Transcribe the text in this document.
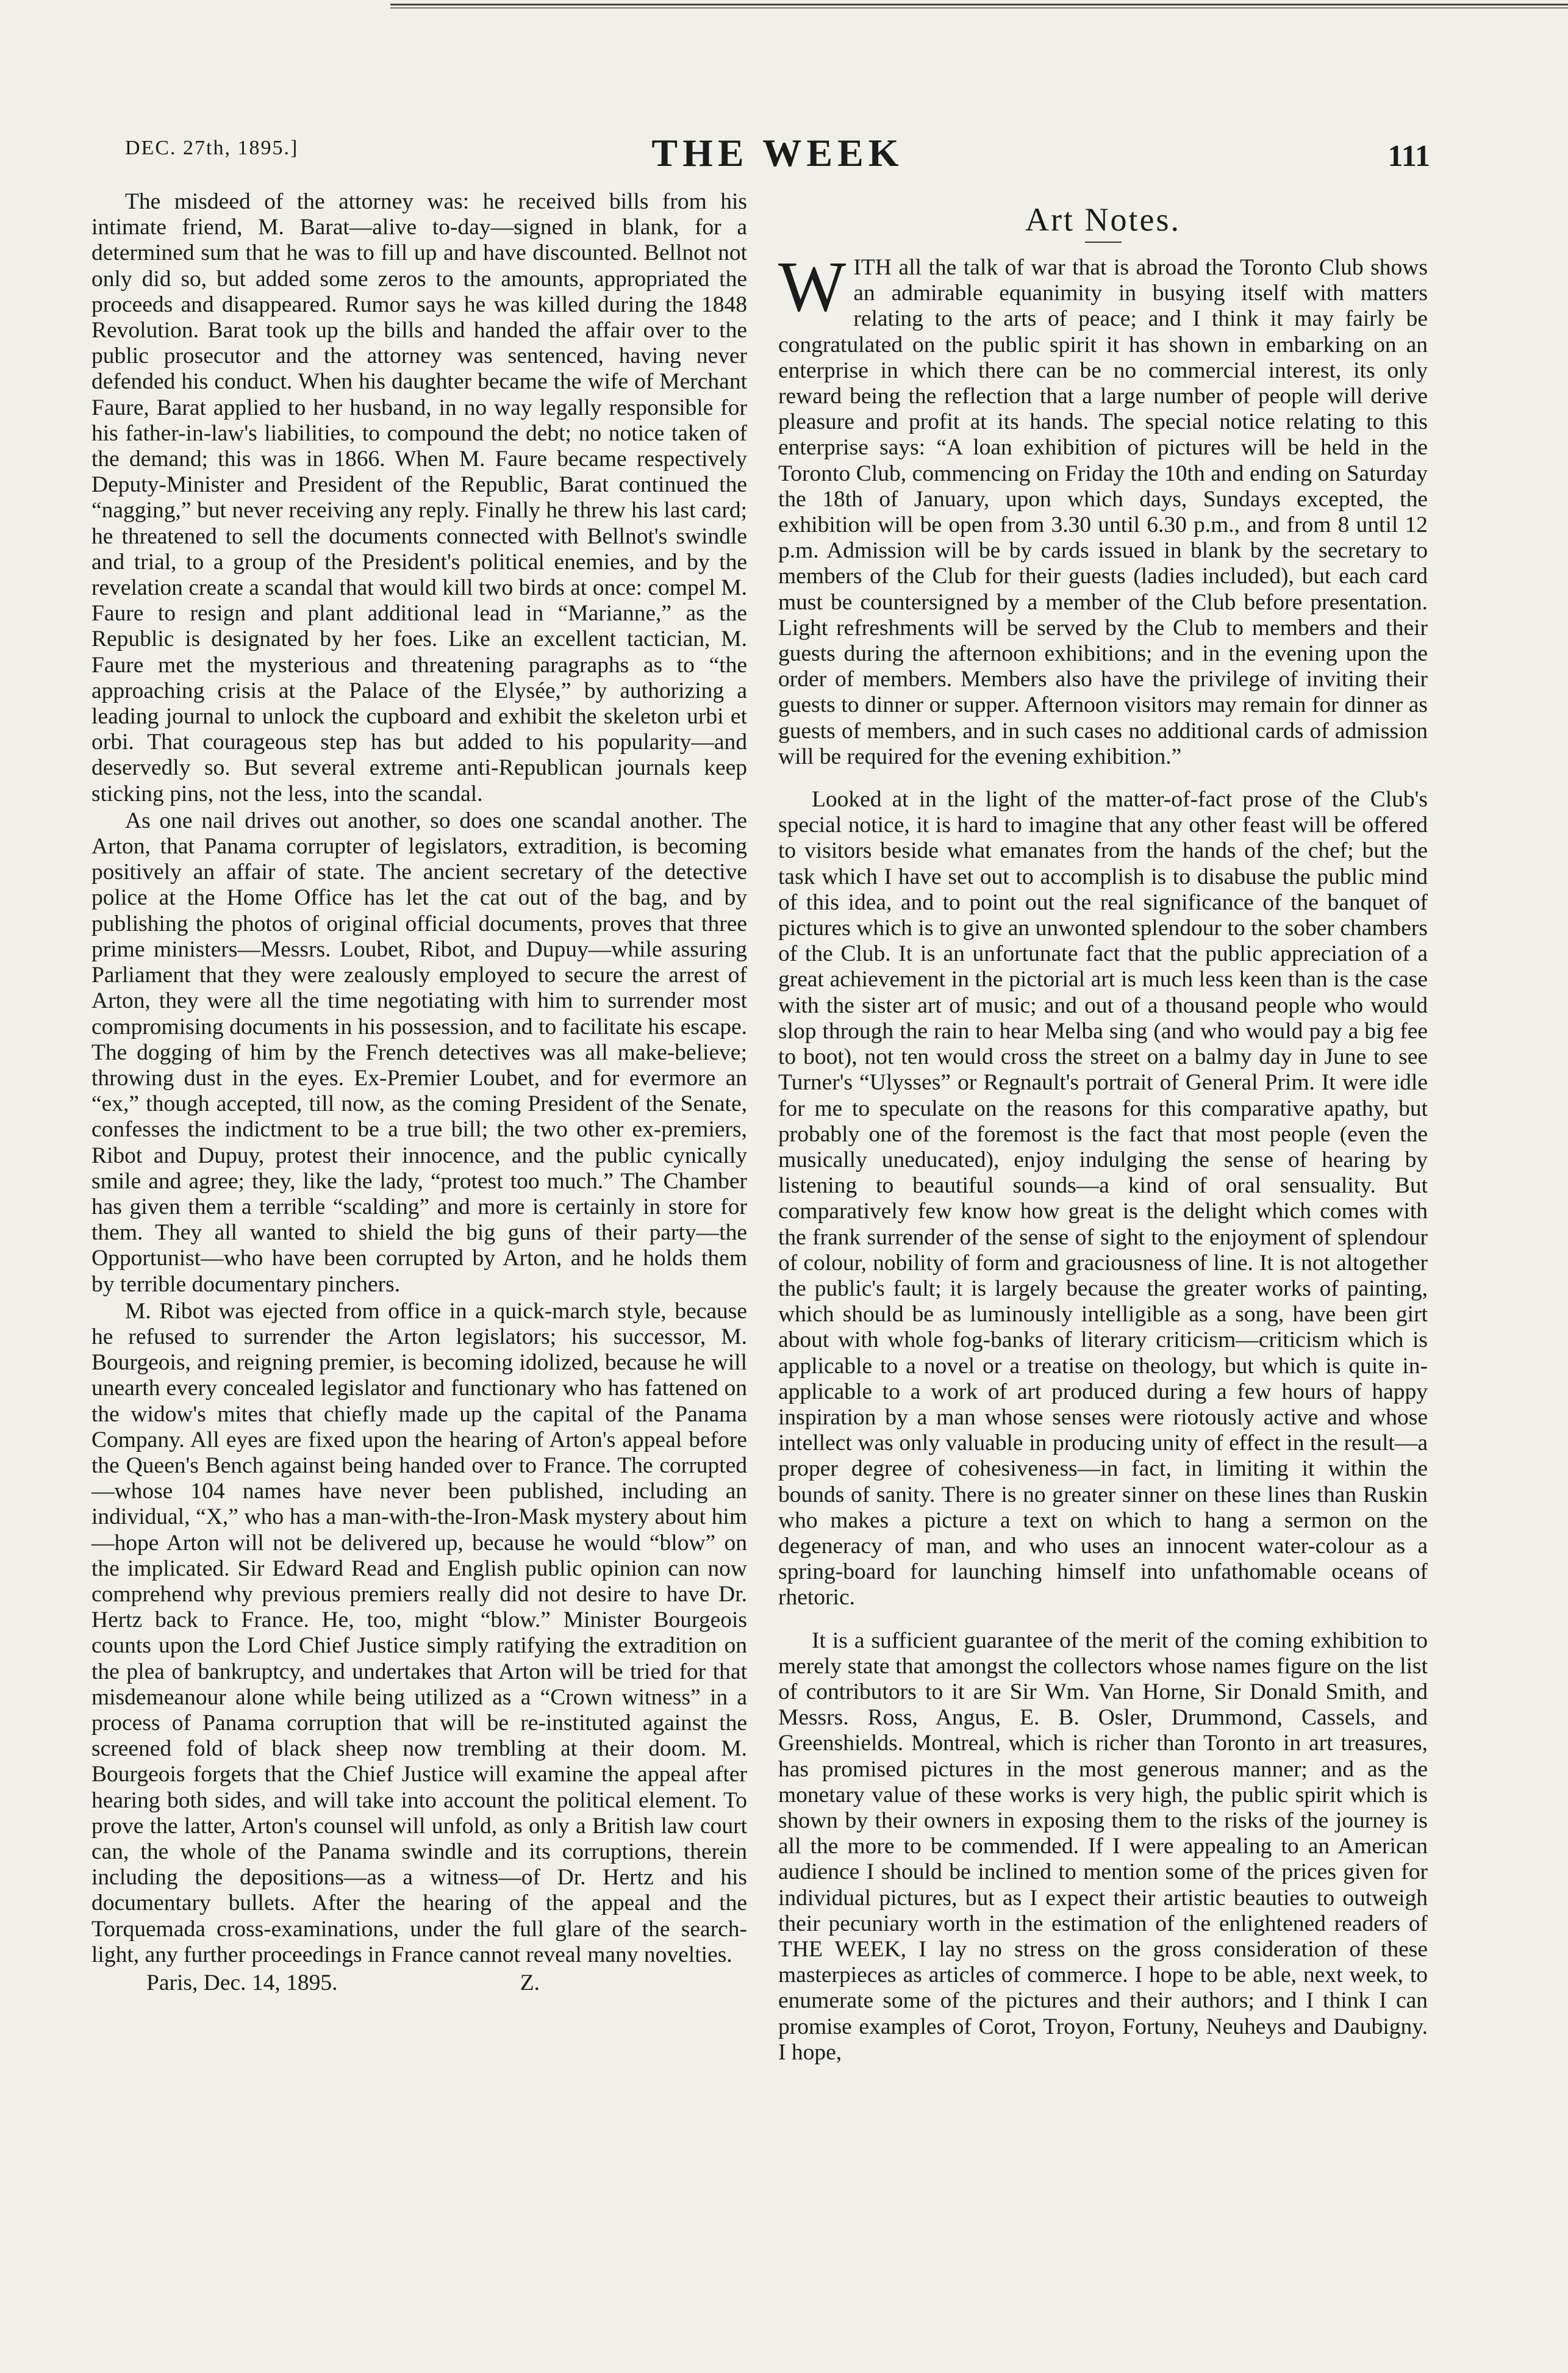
DEC. 27th, 1895.]	THE WEEK	111

The misdeed of the attorney was: he received bills from his intimate friend, M. Barat—alive to-day—signed in blank, for a determined sum that he was to fill up and have discounted. Bellnot not only did so, but added some zeros to the amounts, appropriated the proceeds and disappeared. Rumor says he was killed during the 1848 Revolution. Barat took up the bills and handed the affair over to the public prosecutor and the attorney was sentenced, having never defended his conduct. When his daughter became the wife of Merchant Faure, Barat applied to her husband, in no way legally responsible for his father-in-law's liabilities, to compound the debt; no notice taken of the demand; this was in 1866. When M. Faure became respectively Deputy-Minister and President of the Republic, Barat continued the “nagging,” but never receiving any reply. Finally he threw his last card; he threatened to sell the documents connected with Bellnot's swindle and trial, to a group of the President's political enemies, and by the revelation create a scandal that would kill two birds at once: compel M. Faure to resign and plant additional lead in “Marianne,” as the Republic is designated by her foes. Like an excellent tactician, M. Faure met the mysterious and threatening paragraphs as to “the approaching crisis at the Palace of the Elysée,” by authorizing a leading journal to unlock the cupboard and exhibit the skeleton urbi et orbi. That courageous step has but added to his popularity—and deservedly so. But several extreme anti-Republican journals keep sticking pins, not the less, into the scandal.

As one nail drives out another, so does one scandal another. The Arton, that Panama corrupter of legislators, extradition, is becoming positively an affair of state. The ancient secretary of the detective police at the Home Office has let the cat out of the bag, and by publishing the photos of original official documents, proves that three prime ministers—Messrs. Loubet, Ribot, and Dupuy—while assuring Parliament that they were zealously employed to secure the arrest of Arton, they were all the time negotiating with him to surrender most compromising documents in his possession, and to facilitate his escape. The dogging of him by the French detectives was all make-believe; throwing dust in the eyes. Ex-Premier Loubet, and for evermore an “ex,” though accepted, till now, as the coming President of the Senate, confesses the indictment to be a true bill; the two other ex-premiers, Ribot and Dupuy, protest their innocence, and the public cynically smile and agree; they, like the lady, “protest too much.” The Chamber has given them a terrible “scalding” and more is certainly in store for them. They all wanted to shield the big guns of their party—the Opportunist—who have been corrupted by Arton, and he holds them by terrible documentary pinchers.

M. Ribot was ejected from office in a quick-march style, because he refused to surrender the Arton legislators; his successor, M. Bourgeois, and reigning premier, is becoming idolized, because he will unearth every concealed legislator and functionary who has fattened on the widow's mites that chiefly made up the capital of the Panama Company. All eyes are fixed upon the hearing of Arton's appeal before the Queen's Bench against being handed over to France. The corrupted—whose 104 names have never been published, including an individual, “X,” who has a man-with-the-Iron-Mask mystery about him—hope Arton will not be delivered up, because he would “blow” on the implicated. Sir Edward Read and English public opinion can now comprehend why previous premiers really did not desire to have Dr. Hertz back to France. He, too, might “blow.” Minister Bourgeois counts upon the Lord Chief Justice simply ratifying the extradition on the plea of bankruptcy, and undertakes that Arton will be tried for that misdemeanour alone while being utilized as a “Crown witness” in a process of Panama corruption that will be re-instituted against the screened fold of black sheep now trembling at their doom. M. Bourgeois forgets that the Chief Justice will examine the appeal after hearing both sides, and will take into account the political element. To prove the latter, Arton's counsel will unfold, as only a British law court can, the whole of the Panama swindle and its corruptions, therein including the depositions—as a witness—of Dr. Hertz and his documentary bullets. After the hearing of the appeal and the Torquemada cross-examinations, under the full glare of the search-light, any further proceedings in France cannot reveal many novelties.

Paris, Dec. 14, 1895.	Z.
Art Notes.

WITH all the talk of war that is abroad the Toronto Club shows an admirable equanimity in busying itself with matters relating to the arts of peace; and I think it may fairly be congratulated on the public spirit it has shown in embarking on an enterprise in which there can be no commercial interest, its only reward being the reflection that a large number of people will derive pleasure and profit at its hands. The special notice relating to this enterprise says: “A loan exhibition of pictures will be held in the Toronto Club, commencing on Friday the 10th and ending on Saturday the 18th of January, upon which days, Sundays excepted, the exhibition will be open from 3.30 until 6.30 p.m., and from 8 until 12 p.m. Admission will be by cards issued in blank by the secretary to members of the Club for their guests (ladies included), but each card must be countersigned by a member of the Club before presentation. Light refreshments will be served by the Club to members and their guests during the afternoon exhibitions; and in the evening upon the order of members. Members also have the privilege of inviting their guests to dinner or supper. Afternoon visitors may remain for dinner as guests of members, and in such cases no additional cards of admission will be required for the evening exhibition.”

Looked at in the light of the matter-of-fact prose of the Club's special notice, it is hard to imagine that any other feast will be offered to visitors beside what emanates from the hands of the chef; but the task which I have set out to accomplish is to disabuse the public mind of this idea, and to point out the real significance of the banquet of pictures which is to give an unwonted splendour to the sober chambers of the Club. It is an unfortunate fact that the public appreciation of a great achievement in the pictorial art is much less keen than is the case with the sister art of music; and out of a thousand people who would slop through the rain to hear Melba sing (and who would pay a big fee to boot), not ten would cross the street on a balmy day in June to see Turner's “Ulysses” or Regnault's portrait of General Prim. It were idle for me to speculate on the reasons for this comparative apathy, but probably one of the foremost is the fact that most people (even the musically uneducated), enjoy indulging the sense of hearing by listening to beautiful sounds—a kind of oral sensuality. But comparatively few know how great is the delight which comes with the frank surrender of the sense of sight to the enjoyment of splendour of colour, nobility of form and graciousness of line. It is not altogether the public's fault; it is largely because the greater works of painting, which should be as luminously intelligible as a song, have been girt about with whole fog-banks of literary criticism—criticism which is applicable to a novel or a treatise on theology, but which is quite in-applicable to a work of art produced during a few hours of happy inspiration by a man whose senses were riotously active and whose intellect was only valuable in producing unity of effect in the result—a proper degree of cohesiveness—in fact, in limiting it within the bounds of sanity. There is no greater sinner on these lines than Ruskin who makes a picture a text on which to hang a sermon on the degeneracy of man, and who uses an innocent water-colour as a spring-board for launching himself into unfathomable oceans of rhetoric.

It is a sufficient guarantee of the merit of the coming exhibition to merely state that amongst the collectors whose names figure on the list of contributors to it are Sir Wm. Van Horne, Sir Donald Smith, and Messrs. Ross, Angus, E. B. Osler, Drummond, Cassels, and Greenshields. Montreal, which is richer than Toronto in art treasures, has promised pictures in the most generous manner; and as the monetary value of these works is very high, the public spirit which is shown by their owners in exposing them to the risks of the journey is all the more to be commended. If I were appealing to an American audience I should be inclined to mention some of the prices given for individual pictures, but as I expect their artistic beauties to outweigh their pecuniary worth in the estimation of the enlightened readers of THE WEEK, I lay no stress on the gross consideration of these masterpieces as articles of commerce. I hope to be able, next week, to enumerate some of the pictures and their authors; and I think I can promise examples of Corot, Troyon, Fortuny, Neuheys and Daubigny. I hope,
